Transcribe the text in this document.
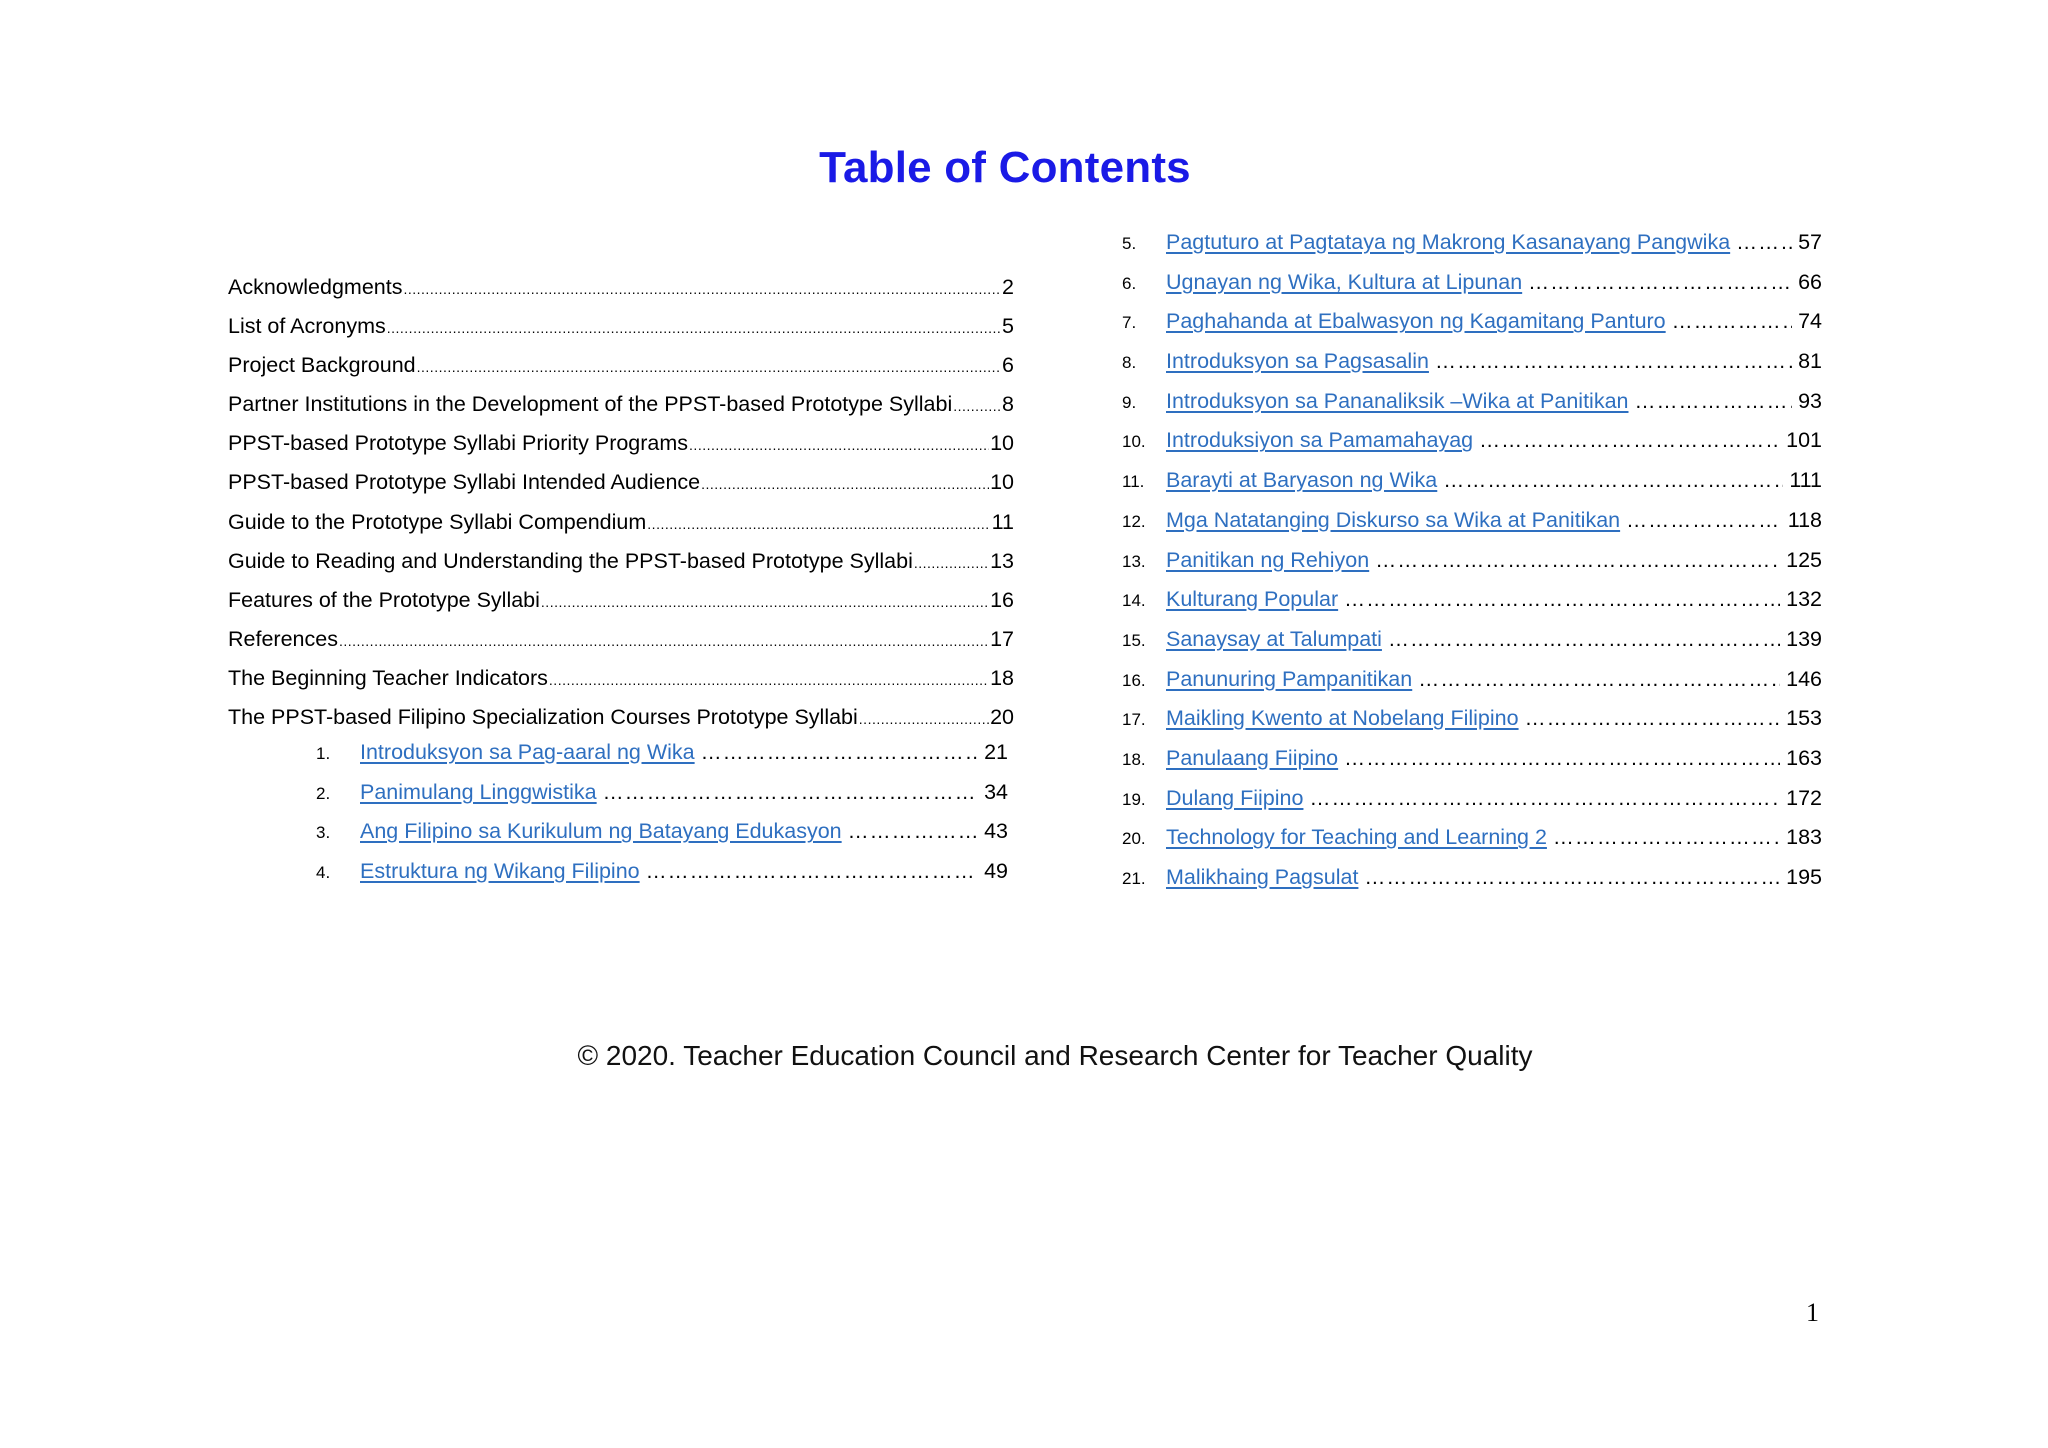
Table of Contents
Acknowledgments .....	2
List of Acronyms .....	5
Project Background .....	6
Partner Institutions in the Development of the PPST-based Prototype Syllabi ..... 8
PPST-based Prototype Syllabi Priority Programs .....	10
PPST-based Prototype Syllabi Intended Audience .....	10
Guide to the Prototype Syllabi Compendium .....	11
Guide to Reading and Understanding the PPST-based Prototype Syllabi .....	13
Features of the Prototype Syllabi .....	16
References .....	17
The Beginning Teacher Indicators .....	18
The PPST-based Filipino Specialization Courses Prototype Syllabi .....	20
1.	Introduksyon sa Pag-aaral ng Wika …………………………………………………………………………………………………………………………………………………………………………………………	21
2.	Panimulang Linggwistika …………………………………………………………………………………………………………………………………………………………………………………………	34
3.	Ang Filipino sa Kurikulum ng Batayang Edukasyon …………………………………………………………………………………………………………………………………………………………………………………………	43
4.	Estruktura ng Wikang Filipino …………………………………………………………………………………………………………………………………………………………………………………………	49
5.	Pagtuturo at Pagtataya ng Makrong Kasanayang Pangwika …………………………………………………………………………………………………………………………………………………………………………………………	57
6.	Ugnayan ng Wika, Kultura at Lipunan …………………………………………………………………………………………………………………………………………………………………………………………	66
7.	Paghahanda at Ebalwasyon ng Kagamitang Panturo …………………………………………………………………………………………………………………………………………………………………………………………	74
8.	Introduksyon sa Pagsasalin …………………………………………………………………………………………………………………………………………………………………………………………	81
9.	Introduksyon sa Pananaliksik –Wika at Panitikan …………………………………………………………………………………………………………………………………………………………………………………………	93
10. Introduksiyon sa Pamamahayag …………………………………………………………………………………………………………………………………………………………………………………………	101
11.	Barayti at Baryason ng Wika …………………………………………………………………………………………………………………………………………………………………………………………	111
12. Mga Natatanging Diskurso sa Wika at Panitikan …………………………………………………………………………………………………………………………………………………………………………………………	118
13. Panitikan ng Rehiyon …………………………………………………………………………………………………………………………………………………………………………………………	125
14. Kulturang Popular …………………………………………………………………………………………………………………………………………………………………………………………	132
15. Sanaysay at Talumpati …………………………………………………………………………………………………………………………………………………………………………………………	139
16. Panunuring Pampanitikan …………………………………………………………………………………………………………………………………………………………………………………………	146
17. Maikling Kwento at Nobelang Filipino …………………………………………………………………………………………………………………………………………………………………………………………	153
18. Panulaang Fiipino …………………………………………………………………………………………………………………………………………………………………………………………	163
19. Dulang Fiipino …………………………………………………………………………………………………………………………………………………………………………………………	172
20. Technology for Teaching and Learning 2 …………………………………………………………………………………………………………………………………………………………………………………………	183
21. Malikhaing Pagsulat …………………………………………………………………………………………………………………………………………………………………………………………	195
© 2020. Teacher Education Council and Research Center for Teacher Quality
1
